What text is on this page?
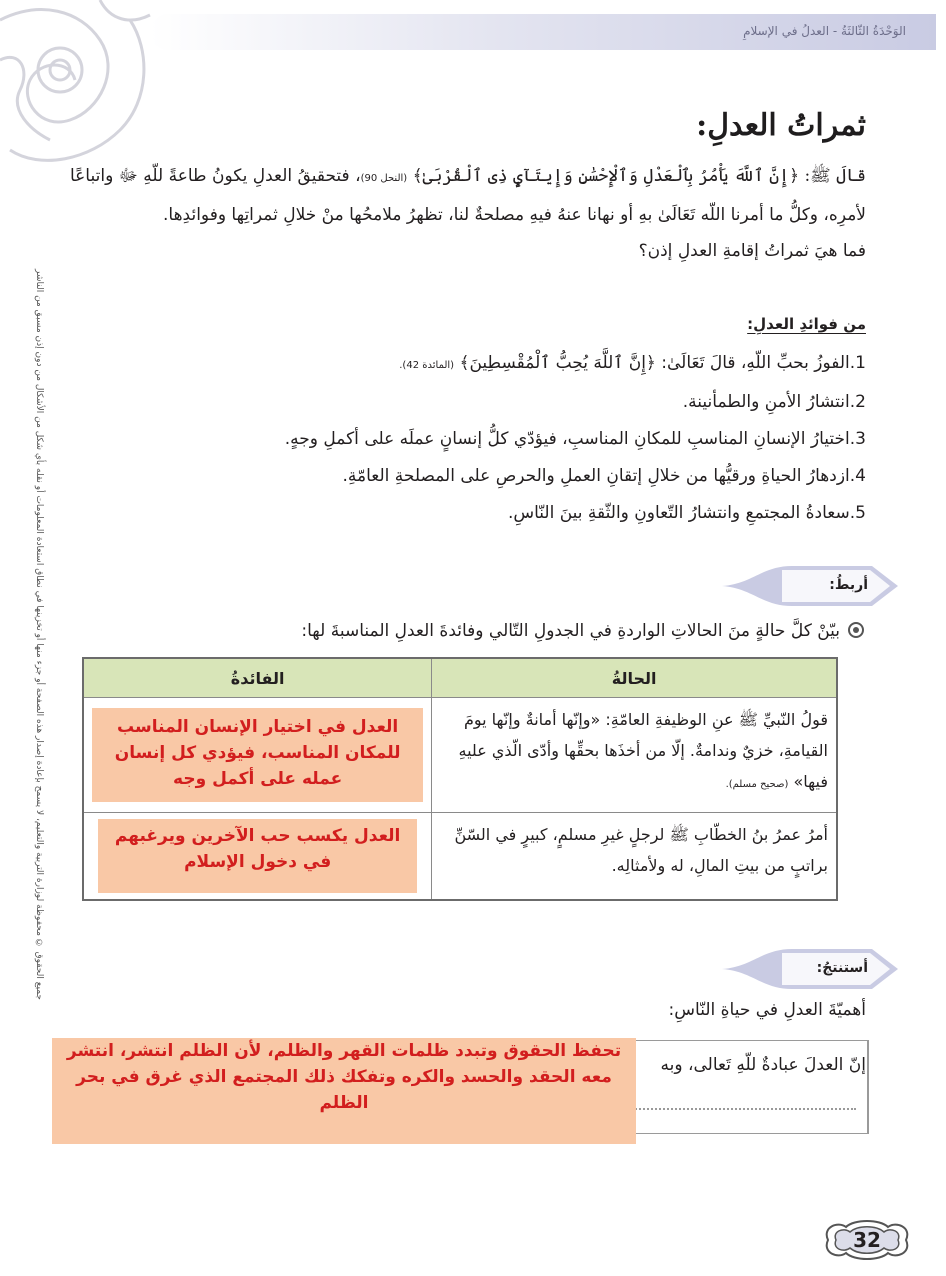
الوَحْدَةُ الثّالثَةُ - العدلُ في الإسلامِ
جميع الحقوق © محفوظة لوزارة التربية والتعليم، لا يسمح بإعادة إصدار هذه الصفحة أو جزء منها أو تخزينها في نطاق استعادة المعلومات أو نقله بأي شكل من الأشكال من دون إذن مسبق من الناشر
ثمراتُ العدلِ:
قالَ ﷺ: ﴿إِنَّ ٱللَّهَ يَأْمُرُ بِٱلْعَدْلِ وَٱلْإِحْسَٰنِ وَإِيتَآيِٕ ذِى ٱلْقُرْبَىٰ﴾ (النحل 90)، فتحقيقُ العدلِ يكونُ طاعةً للّهِ ﷻ واتباعًا
لأمرِه، وكلُّ ما أمرنا اللّه تَعَالَىٰ بهِ أو نهانا عنهُ فيهِ مصلحةٌ لنا، تظهرُ ملامحُها منْ خلالِ ثمراتِها وفوائدِها.
فما هيَ ثمراتُ إقامةِ العدلِ إذن؟
من فوائدِ العدلِ:
1.الفوزُ بحبِّ اللّهِ، قالَ تَعَالَىٰ: ﴿إِنَّ ٱللَّهَ يُحِبُّ ٱلْمُقْسِطِينَ﴾ (المائدة 42).
2.انتشارُ الأمنِ والطمأنينة.
3.اختيارُ الإنسانِ المناسبِ للمكانِ المناسبِ، فيؤدّي كلُّ إنسانٍ عملَه على أكملِ وجهٍ.
4.ازدهارُ الحياةِ ورقيُّها من خلالِ إتقانِ العملِ والحرصِ على المصلحةِ العامّةِ.
5.سعادةُ المجتمعِ وانتشارُ التّعاونِ والثّقةِ بينَ النّاسِ.
أربطُ:
بيّنْ كلَّ حالةٍ منَ الحالاتِ الواردةِ في الجدولِ التّالي وفائدةَ العدلِ المناسبةَ لها:
الحالةُ	الفائدةُ
قولُ النّبيِّ ﷺ عنِ الوظيفةِ العامّةِ: «وإنّها أمانةٌ وإنّها يومَ القيامةِ، خزيٌ وندامةٌ. إلّا من أخذَها بحقِّها وأدّى الّذي عليهِ فيها» (صحيح مسلم).	العدل في اختيار الإنسان المناسب للمكان المناسب، فيؤدي كل إنسان عمله على أكمل وجه

أمرُ عمرُ بنُ الخطّابِ ﷺ لرجلٍ غيرِ مسلمٍ، كبيرٍ في السّنِّ براتبٍ من بيتِ المالِ، له ولأمثالِه.	العدل يكسب حب الآخرين ويرغبهم في دخول الإسلام
أستنتجُ:
أهميّةَ العدلِ في حياةِ النّاسِ:
إنّ العدلَ عبادةٌ للّهِ تَعالى، وبه
تحفظ الحقوق وتبدد ظلمات القهر والظلم، لأن الظلم انتشر، انتشر معه الحقد والحسد والكره وتفكك ذلك المجتمع الذي غرق في بحر الظلم
32
